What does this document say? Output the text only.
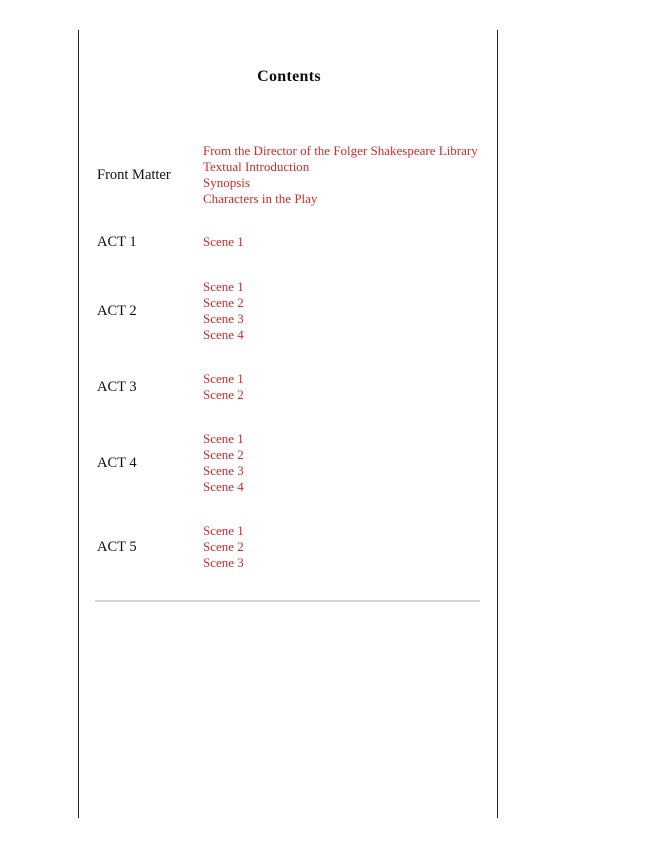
Contents
Front Matter
From the Director of the Folger Shakespeare Library
Textual Introduction
Synopsis
Characters in the Play
ACT 1	Scene 1
ACT 2
Scene 1
Scene 2
Scene 3
Scene 4
ACT 3
Scene 1
Scene 2
ACT 4
Scene 1
Scene 2
Scene 3
Scene 4
ACT 5
Scene 1
Scene 2
Scene 3
